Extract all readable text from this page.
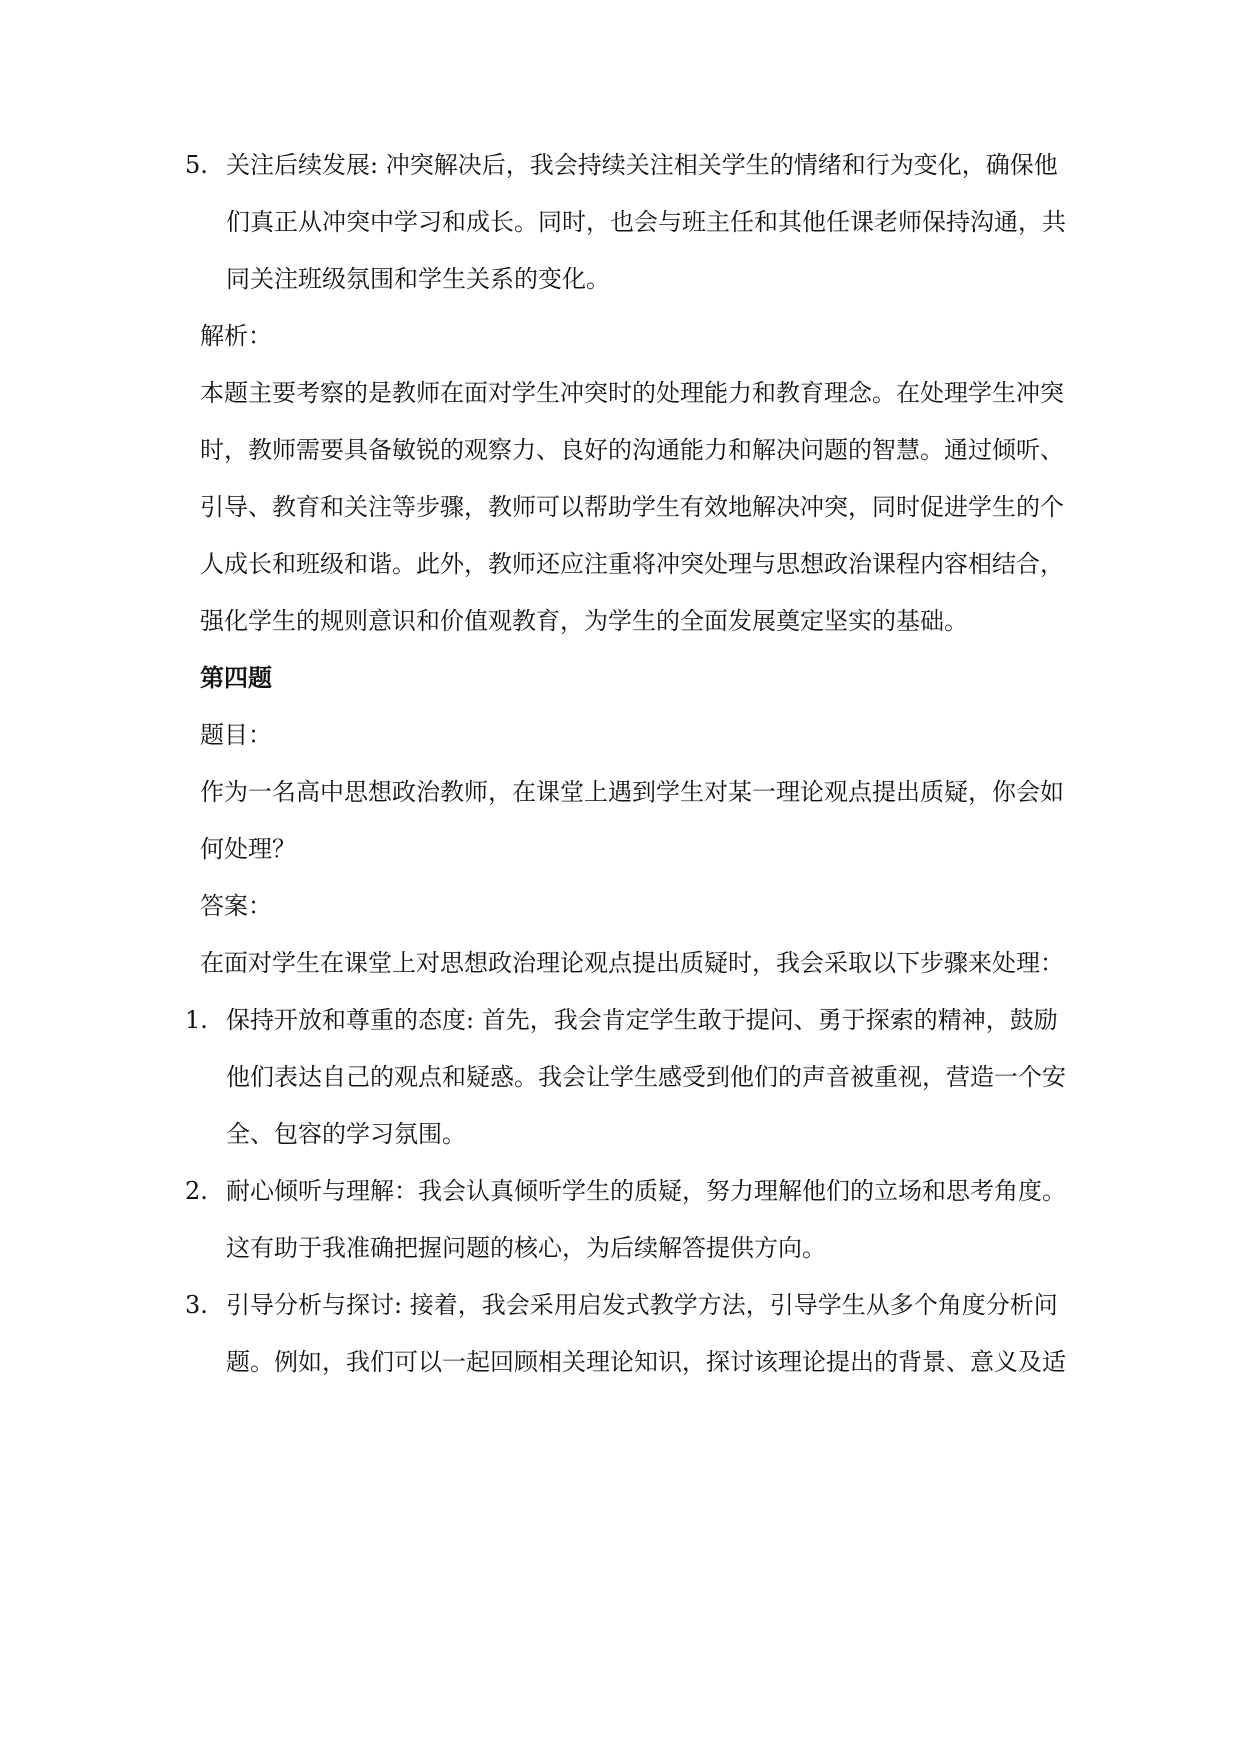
5. 关注后续发展: 冲突解决后，我会持续关注相关学生的情绪和行为变化，确保他
们真正从冲突中学习和成长。同时，也会与班主任和其他任课老师保持沟通，共
同关注班级氛围和学生关系的变化。
解析：
本题主要考察的是教师在面对学生冲突时的处理能力和教育理念。在处理学生冲突
时，教师需要具备敏锐的观察力、良好的沟通能力和解决问题的智慧。通过倾听、
引导、教育和关注等步骤，教师可以帮助学生有效地解决冲突，同时促进学生的个
人成长和班级和谐。此外，教师还应注重将冲突处理与思想政治课程内容相结合，
强化学生的规则意识和价值观教育，为学生的全面发展奠定坚实的基础。
第四题
题目：
作为一名高中思想政治教师，在课堂上遇到学生对某一理论观点提出质疑，你会如
何处理？
答案：
在面对学生在课堂上对思想政治理论观点提出质疑时，我会采取以下步骤来处理：
1. 保持开放和尊重的态度: 首先，我会肯定学生敢于提问、勇于探索的精神，鼓励
他们表达自己的观点和疑惑。我会让学生感受到他们的声音被重视，营造一个安
全、包容的学习氛围。
2. 耐心倾听与理解：我会认真倾听学生的质疑，努力理解他们的立场和思考角度。
这有助于我准确把握问题的核心，为后续解答提供方向。
3. 引导分析与探讨: 接着，我会采用启发式教学方法，引导学生从多个角度分析问
题。例如，我们可以一起回顾相关理论知识，探讨该理论提出的背景、意义及适
